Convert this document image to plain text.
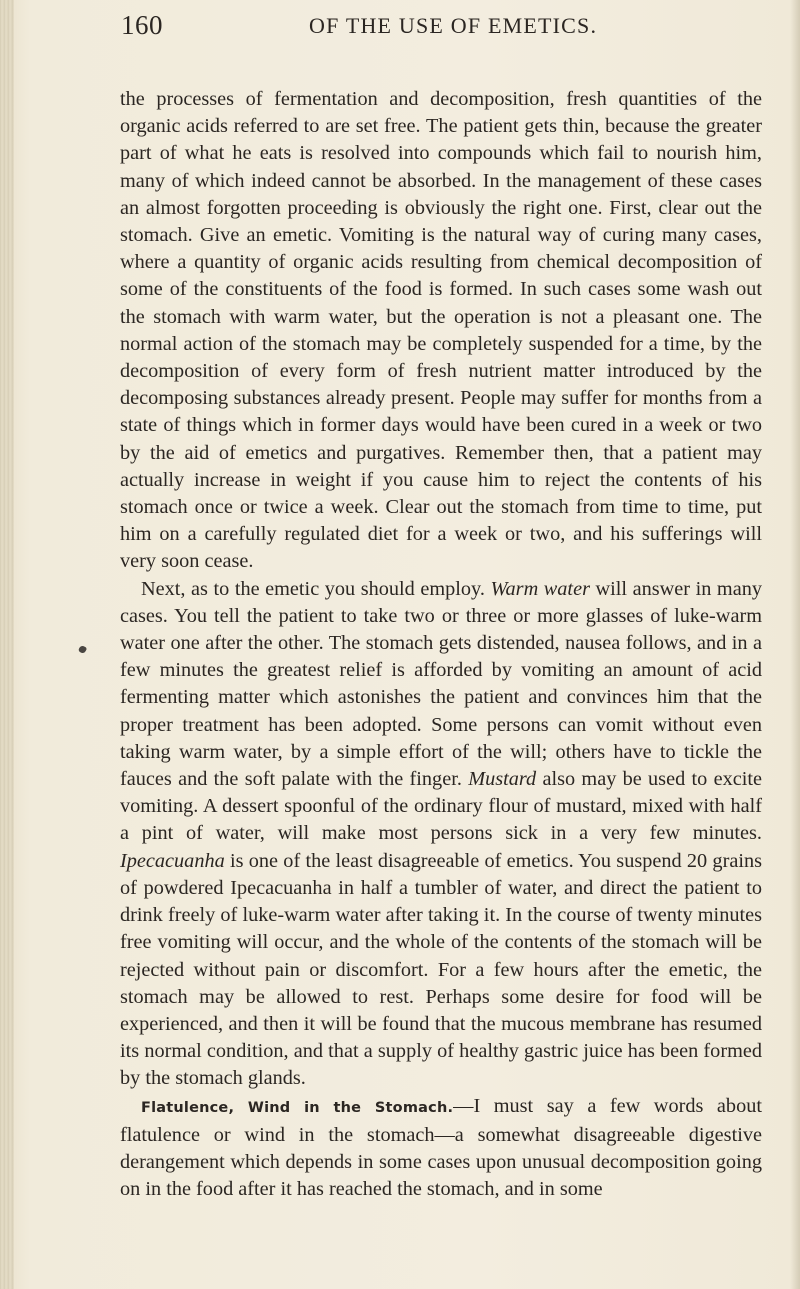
160	OF THE USE OF EMETICS.

the processes of fermentation and decomposition, fresh quantities of the organic acids referred to are set free. The patient gets thin, because the greater part of what he eats is resolved into compounds which fail to nourish him, many of which indeed cannot be absorbed. In the management of these cases an almost forgotten proceeding is obviously the right one. First, clear out the stomach. Give an emetic. Vomiting is the natural way of curing many cases, where a quantity of organic acids resulting from chemical decomposition of some of the constituents of the food is formed. In such cases some wash out the stomach with warm water, but the operation is not a pleasant one. The normal action of the stomach may be completely suspended for a time, by the decomposition of every form of fresh nutrient matter introduced by the decomposing substances already present. People may suffer for months from a state of things which in former days would have been cured in a week or two by the aid of emetics and purgatives. Remember then, that a patient may actually increase in weight if you cause him to reject the contents of his stomach once or twice a week. Clear out the stomach from time to time, put him on a carefully regulated diet for a week or two, and his sufferings will very soon cease.

Next, as to the emetic you should employ. Warm water will answer in many cases. You tell the patient to take two or three or more glasses of luke-warm water one after the other. The stomach gets distended, nausea follows, and in a few minutes the greatest relief is afforded by vomiting an amount of acid fermenting matter which astonishes the patient and convinces him that the proper treatment has been adopted. Some persons can vomit without even taking warm water, by a simple effort of the will; others have to tickle the fauces and the soft palate with the finger. Mustard also may be used to excite vomiting. A dessert spoonful of the ordinary flour of mustard, mixed with half a pint of water, will make most persons sick in a very few minutes. Ipecacuanha is one of the least disagreeable of emetics. You suspend 20 grains of powdered Ipecacuanha in half a tumbler of water, and direct the patient to drink freely of luke-warm water after taking it. In the course of twenty minutes free vomiting will occur, and the whole of the contents of the stomach will be rejected without pain or discomfort. For a few hours after the emetic, the stomach may be allowed to rest. Perhaps some desire for food will be experienced, and then it will be found that the mucous membrane has resumed its normal condition, and that a supply of healthy gastric juice has been formed by the stomach glands.

Flatulence, Wind in the Stomach.—I must say a few words about flatulence or wind in the stomach—a somewhat disagreeable digestive derangement which depends in some cases upon unusual decomposition going on in the food after it has reached the stomach, and in some
